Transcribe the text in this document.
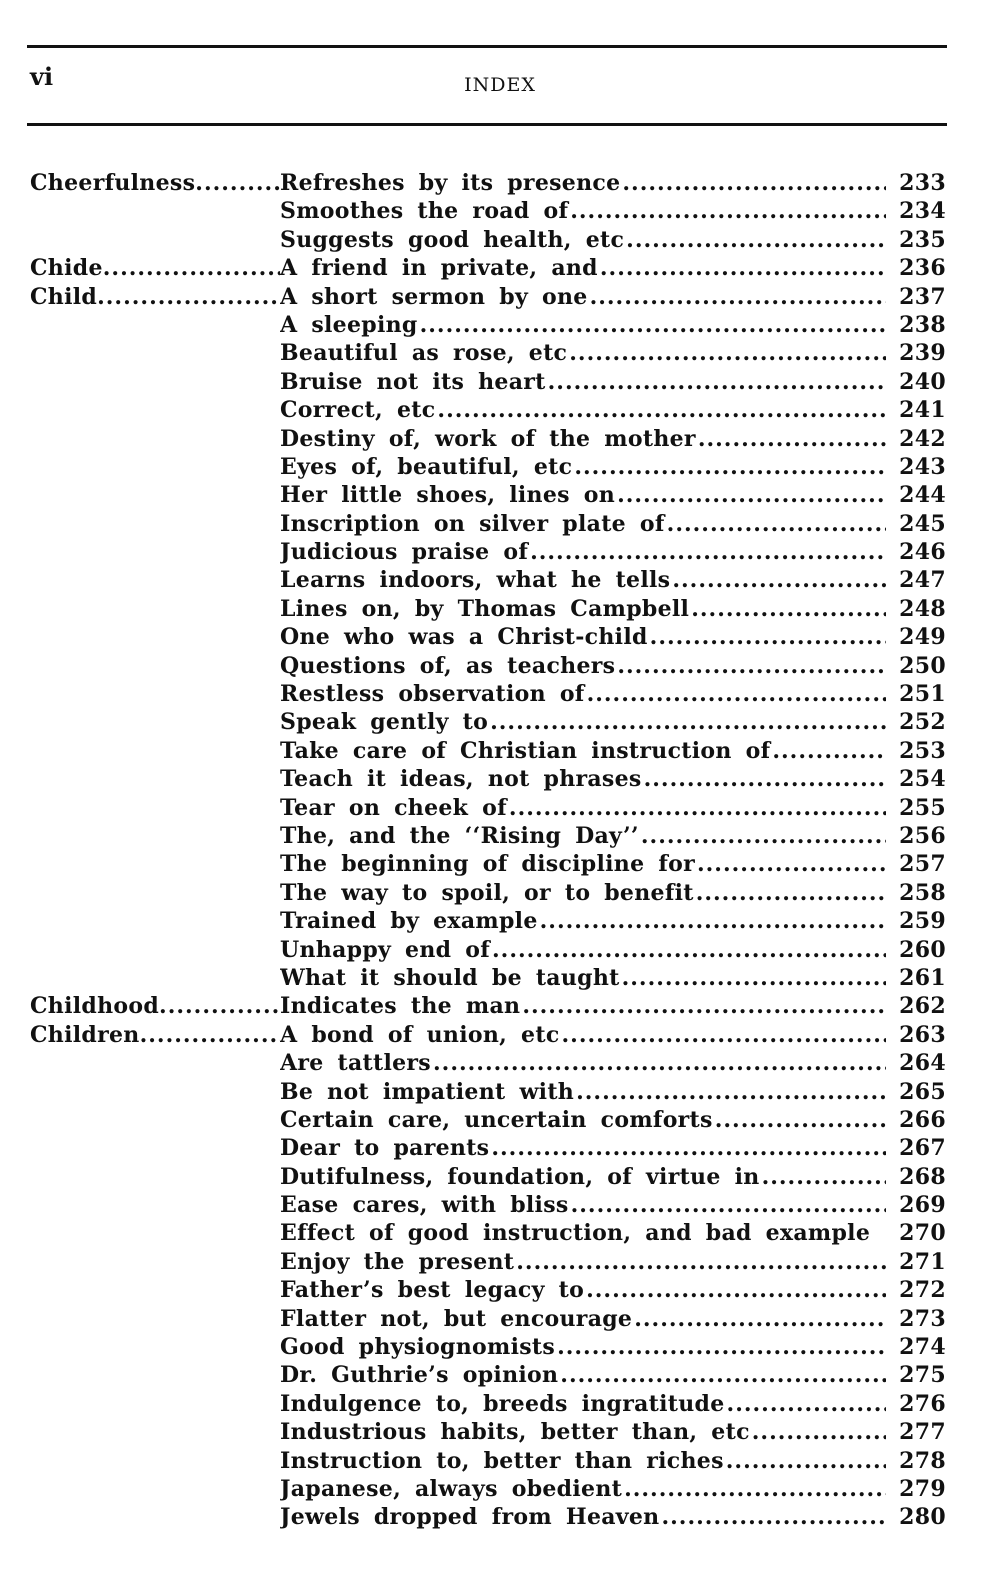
vi	INDEX
Cheerfulness .....	Refreshes by its presence .....	233
Smoothes the road of .....	234
Suggests good health, etc .....	235
Chide .....	A friend in private, and .....	236
Child .....	A short sermon by one .....	237
A sleeping .....	238
Beautiful as rose, etc .....	239
Bruise not its heart .....	240
Correct, etc .....	241
Destiny of, work of the mother .....	242
Eyes of, beautiful, etc .....	243
Her little shoes, lines on .....	244
Inscription on silver plate of .....	245
Judicious praise of .....	246
Learns indoors, what he tells .....	247
Lines on, by Thomas Campbell .....	248
One who was a Christ-child .....	249
Questions of, as teachers .....	250
Restless observation of .....	251
Speak gently to .....	252
Take care of Christian instruction of .....	253
Teach it ideas, not phrases .....	254
Tear on cheek of .....	255
The, and the ‘‘Rising Day’’ .....	256
The beginning of discipline for .....	257
The way to spoil, or to benefit .....	258
Trained by example .....	259
Unhappy end of .....	260
What it should be taught .....	261
Childhood .....	Indicates the man .....	262
Children .....	A bond of union, etc .....	263
Are tattlers .....	264
Be not impatient with .....	265
Certain care, uncertain comforts .....	266
Dear to parents .....	267
Dutifulness, foundation, of virtue in .....	268
Ease cares, with bliss .....	269
Effect of good instruction, and bad example	270
Enjoy the present .....	271
Father’s best legacy to .....	272
Flatter not, but encourage .....	273
Good physiognomists .....	274
Dr. Guthrie’s opinion .....	275
Indulgence to, breeds ingratitude .....	276
Industrious habits, better than, etc .....	277
Instruction to, better than riches .....	278
Japanese, always obedient .....	279
Jewels dropped from Heaven .....	280
